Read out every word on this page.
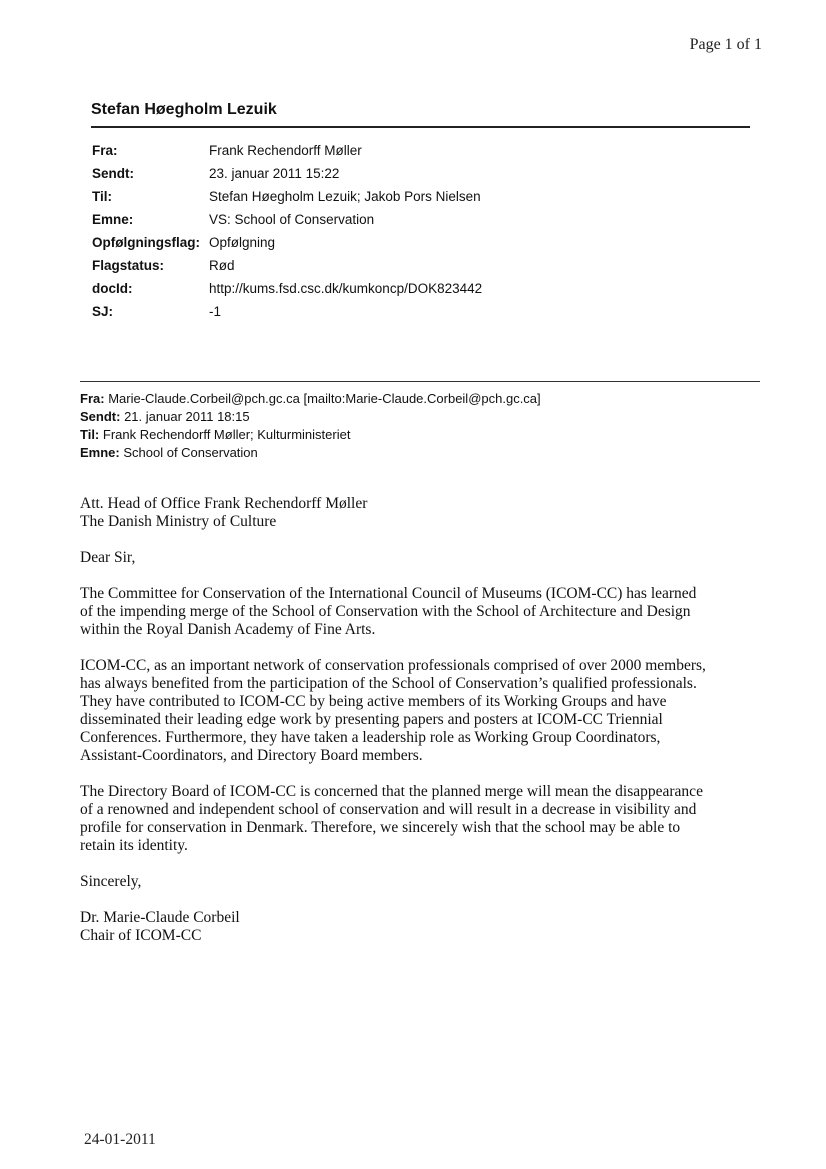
Page 1 of 1
Stefan Høegholm Lezuik
Fra:	Frank Rechendorff Møller
Sendt:	23. januar 2011 15:22
Til:	Stefan Høegholm Lezuik; Jakob Pors Nielsen
Emne:	VS: School of Conservation
Opfølgningsflag: Opfølgning
Flagstatus:	Rød
docId:	http://kums.fsd.csc.dk/kumkoncp/DOK823442
SJ:	-1
Fra: Marie-Claude.Corbeil@pch.gc.ca [mailto:Marie-Claude.Corbeil@pch.gc.ca]
Sendt: 21. januar 2011 18:15
Til: Frank Rechendorff Møller; Kulturministeriet
Emne: School of Conservation

Att. Head of Office Frank Rechendorff Møller
The Danish Ministry of Culture

Dear Sir,

The Committee for Conservation of the International Council of Museums (ICOM-CC) has learned
of the impending merge of the School of Conservation with the School of Architecture and Design
within the Royal Danish Academy of Fine Arts.

ICOM-CC, as an important network of conservation professionals comprised of over 2000 members,
has always benefited from the participation of the School of Conservation’s qualified professionals.
They have contributed to ICOM-CC by being active members of its Working Groups and have
disseminated their leading edge work by presenting papers and posters at ICOM-CC Triennial
Conferences. Furthermore, they have taken a leadership role as Working Group Coordinators,
Assistant-Coordinators, and Directory Board members.

The Directory Board of ICOM-CC is concerned that the planned merge will mean the disappearance
of a renowned and independent school of conservation and will result in a decrease in visibility and
profile for conservation in Denmark. Therefore, we sincerely wish that the school may be able to
retain its identity.

Sincerely,

Dr. Marie-Claude Corbeil
Chair of ICOM-CC

24-01-2011
